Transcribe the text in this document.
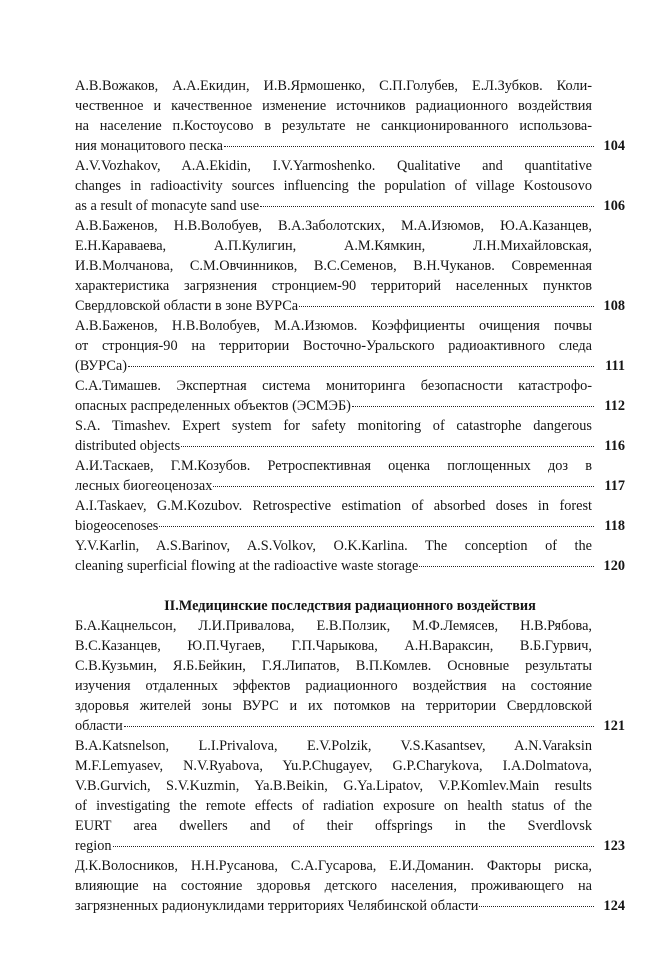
А.В.Вожаков, А.А.Екидин, И.В.Ярмошенко, С.П.Голубев, Е.Л.Зубков. Коли-
чественное и качественное изменение источников радиационного воздействия
на население п.Костоусово в результате не санкционированного использова-
ния монацитового песка	104
A.V.Vozhakov, A.A.Ekidin, I.V.Yarmoshenko. Qualitative and quantitative
changes in radioactivity sources influencing the population of village Kostousovo
as a result of monacyte sand use	106
А.В.Баженов, Н.В.Волобуев, В.А.Заболотских, М.А.Изюмов, Ю.А.Казанцев,
Е.Н.Караваева, А.П.Кулигин, А.М.Кямкин, Л.Н.Михайловская,
И.В.Молчанова, С.М.Овчинников, В.С.Семенов, В.Н.Чуканов. Современная
характеристика загрязнения стронцием-90 территорий населенных пунктов
Свердловской области в зоне ВУРСа	108
А.В.Баженов, Н.В.Волобуев, М.А.Изюмов. Коэффициенты очищения почвы
от стронция-90 на территории Восточно-Уральского радиоактивного следа
(ВУРСа)	111
С.А.Тимашев. Экспертная система мониторинга безопасности катастрофо-
опасных распределенных объектов (ЭСМЭБ)	112
S.A. Timashev. Expert system for safety monitoring of catastrophe dangerous
distributed objects	116
А.И.Таскаев, Г.М.Козубов. Ретроспективная оценка поглощенных доз в
лесных биогеоценозах	117
A.I.Taskaev, G.M.Kozubov. Retrospective estimation of absorbed doses in forest
biogeocenoses	118
Y.V.Karlin, A.S.Barinov, A.S.Volkov, O.K.Karlina. The conception of the
cleaning superficial flowing at the radioactive waste storage	120
II.Медицинские последствия радиационного воздействия
Б.А.Кацнельсон, Л.И.Привалова, Е.В.Ползик, М.Ф.Лемясев, Н.В.Рябова,
В.С.Казанцев, Ю.П.Чугаев, Г.П.Чарыкова, А.Н.Вараксин, В.Б.Гурвич,
С.В.Кузьмин, Я.Б.Бейкин, Г.Я.Липатов, В.П.Комлев. Основные результаты
изучения отдаленных эффектов радиационного воздействия на состояние
здоровья жителей зоны ВУРС и их потомков на территории Свердловской
области	121
B.A.Katsnelson, L.I.Privalova, E.V.Polzik, V.S.Kasantsev, A.N.Varaksin
M.F.Lemyasev, N.V.Ryabova, Yu.P.Chugayev, G.P.Charykova, I.A.Dolmatova,
V.B.Gurvich, S.V.Kuzmin, Ya.B.Beikin, G.Ya.Lipatov, V.P.Komlev.Main results
of investigating the remote effects of radiation exposure on health status of the
EURT area dwellers and of their offsprings in the Sverdlovsk
region	123
Д.К.Волосников, Н.Н.Русанова, С.А.Гусарова, Е.И.Доманин. Факторы риска,
влияющие на состояние здоровья детского населения, проживающего на
загрязненных радионуклидами территориях Челябинской области	124
